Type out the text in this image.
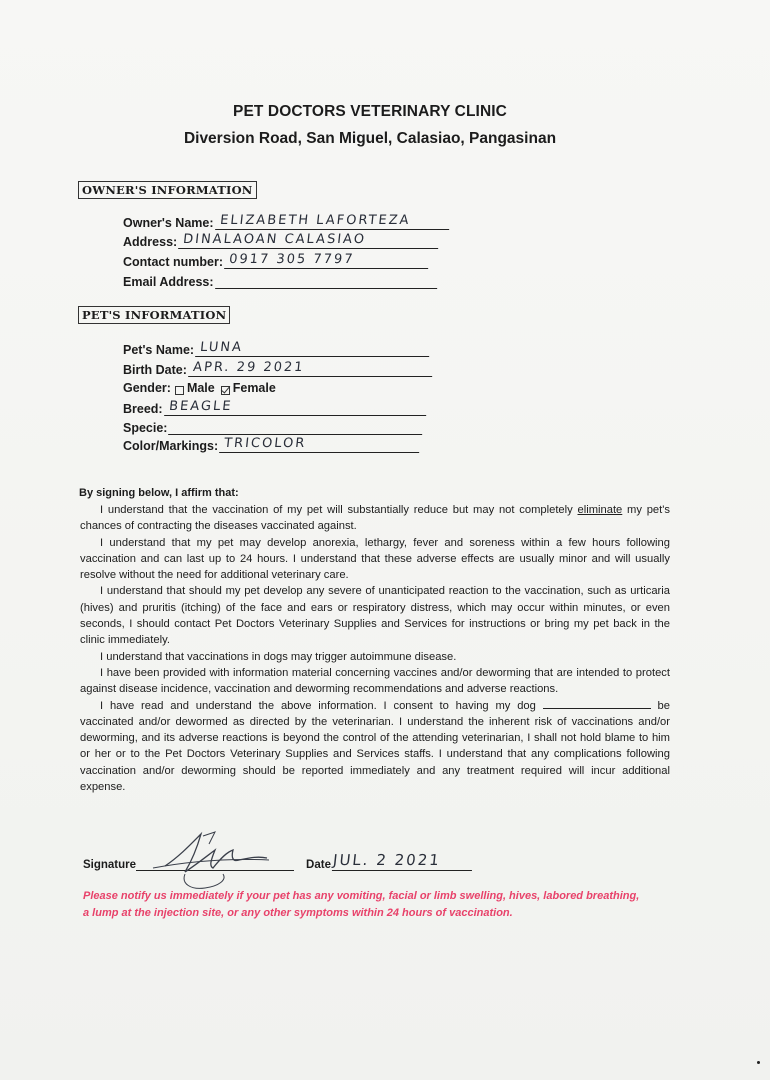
PET DOCTORS VETERINARY CLINIC
Diversion Road, San Miguel, Calasiao, Pangasinan
OWNER'S INFORMATION
Owner's Name: ELIZABETH LAFORTEZA
Address: DINALAOAN CALASIAO
Contact number: 0917 305 7797
Email Address:
PET'S INFORMATION
Pet's Name: LUNA
Birth Date: APR. 29 2021
Gender: Male Female
Breed: BEAGLE
Specie:
Color/Markings: TRICOLOR
By signing below, I affirm that:

I understand that the vaccination of my pet will substantially reduce but may not completely eliminate my pet's chances of contracting the diseases vaccinated against.

I understand that my pet may develop anorexia, lethargy, fever and soreness within a few hours following vaccination and can last up to 24 hours. I understand that these adverse effects are usually minor and will usually resolve without the need for additional veterinary care.

I understand that should my pet develop any severe of unanticipated reaction to the vaccination, such as urticaria (hives) and pruritis (itching) of the face and ears or respiratory distress, which may occur within minutes, or even seconds, I should contact Pet Doctors Veterinary Supplies and Services for instructions or bring my pet back in the clinic immediately.

I understand that vaccinations in dogs may trigger autoimmune disease.

I have been provided with information material concerning vaccines and/or deworming that are intended to protect against disease incidence, vaccination and deworming recommendations and adverse reactions.

I have read and understand the above information. I consent to having my dog	be vaccinated and/or dewormed as directed by the veterinarian. I understand the inherent risk of vaccinations and/or deworming, and its adverse reactions is beyond the control of the attending veterinarian, I shall not hold blame to him or her or to the Pet Doctors Veterinary Supplies and Services staffs. I understand that any complications following vaccination and/or deworming should be reported immediately and any treatment required will incur additional expense.

Signature	Date JUL. 2 2021
Please notify us immediately if your pet has any vomiting, facial or limb swelling, hives, labored breathing, a lump at the injection site, or any other symptoms within 24 hours of vaccination.
